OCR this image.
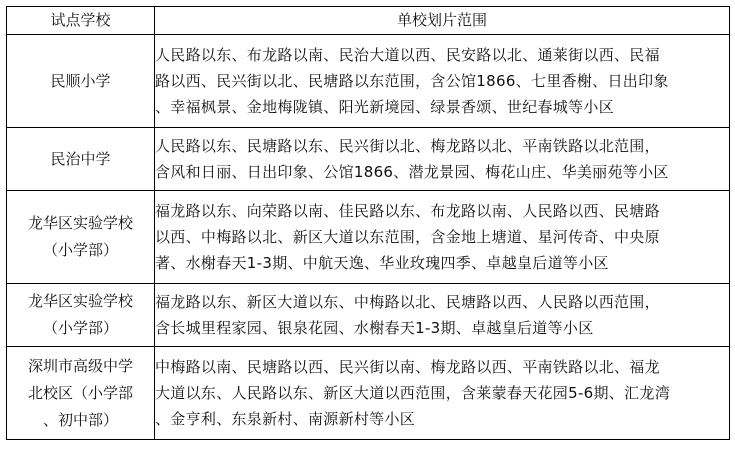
试点学校	单校划片范围

民顺小学	人民路以东、布龙路以南、民治大道以西、民安路以北、通莱街以西、民福
路以西、民兴街以北、民塘路以东范围，含公馆1866、七里香榭、日出印象
、幸福枫景、金地梅陇镇、阳光新境园、绿景香颂、世纪春城等小区

民治中学	人民路以东、民塘路以东、民兴街以北、梅龙路以北、平南铁路以北范围，
含风和日丽、日出印象、公馆1866、潜龙景园、梅花山庄、华美丽苑等小区

龙华区实验学校
（小学部）	福龙路以东、向荣路以南、佳民路以东、布龙路以南、人民路以西、民塘路
以西、中梅路以北、新区大道以东范围，含金地上塘道、星河传奇、中央原
著、水榭春天1-3期、中航天逸、华业玫瑰四季、卓越皇后道等小区

龙华区实验学校
（小学部）	福龙路以东、新区大道以东、中梅路以北、民塘路以西、人民路以西范围，
含长城里程家园、银泉花园、水榭春天1-3期、卓越皇后道等小区

深圳市高级中学
北校区（小学部
、初中部）	中梅路以南、民塘路以西、民兴街以南、梅龙路以西、平南铁路以北、福龙
大道以东、人民路以东、新区大道以西范围，含莱蒙春天花园5-6期、汇龙湾
、金亨利、东泉新村、南源新村等小区
